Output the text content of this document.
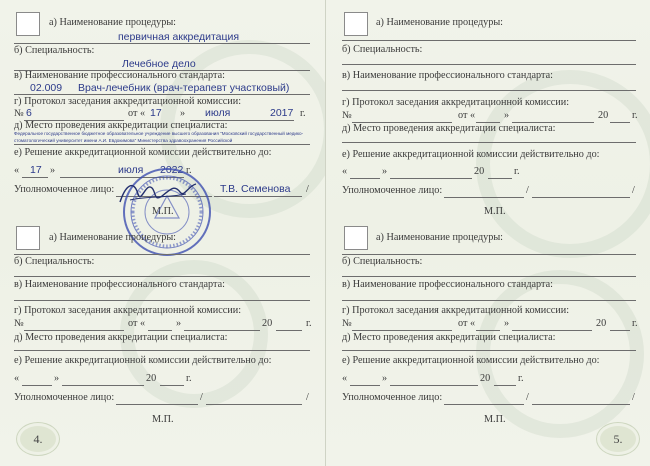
а) Наименование процедуры:
первичная аккредитация
б) Специальность:
Лечебное дело
в) Наименование профессионального стандарта:
02.009 Врач-лечебник (врач-терапевт участковый)
г) Протокол заседания аккредитационной комиссии:
№ 6	от « 17 » июля	2017 г.
д) Место проведения аккредитации специалиста:
Федеральное государственное бюджетное образовательное учреждение высшего образования "Московский государственный медико-
стоматологический университет имени А.И. Евдокимова" Министерства здравоохранения Российской
е) Решение аккредитационной комиссии действительно до:
« 17 »	июля 2022 г.
Уполномоченное лицо:	Т.В. Семенова /
М.П.
а) Наименование процедуры:
б) Специальность:
в) Наименование профессионального стандарта:
г) Протокол заседания аккредитационной комиссии:
№	от «	»	20	г.
д) Место проведения аккредитации специалиста:
е) Решение аккредитационной комиссии действительно до:
«	»	20	г.
Уполномоченное лицо:	/	/
М.П.
4.
а) Наименование процедуры:
б) Специальность:
в) Наименование профессионального стандарта:
г) Протокол заседания аккредитационной комиссии:
№	от «	»	20 г.
д) Место проведения аккредитации специалиста:
е) Решение аккредитационной комиссии действительно до:
«	»	20	г.
Уполномоченное лицо:	/	/
М.П.
а) Наименование процедуры:
б) Специальность:
в) Наименование профессионального стандарта:
г) Протокол заседания аккредитационной комиссии:
№	от «	»	20	г.
д) Место проведения аккредитации специалиста:
е) Решение аккредитационной комиссии действительно до:
«	»	20	г.
Уполномоченное лицо:	/	/
М.П.
5.
